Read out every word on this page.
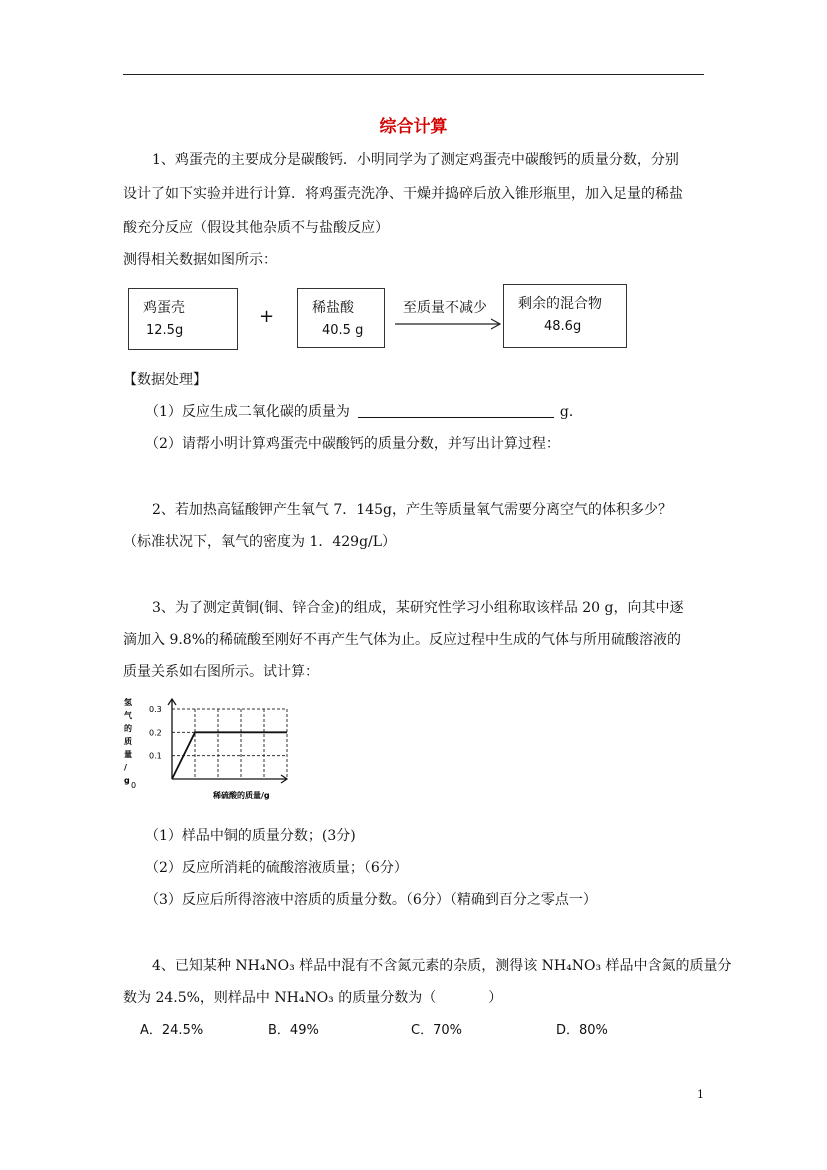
综合计算
1、鸡蛋壳的主要成分是碳酸钙．小明同学为了测定鸡蛋壳中碳酸钙的质量分数，分别
设计了如下实验并进行计算．将鸡蛋壳洗净、干燥并捣碎后放入锥形瓶里，加入足量的稀盐
酸充分反应（假设其他杂质不与盐酸反应）
测得相关数据如图所示：
鸡蛋壳
12.5g
+	稀盐酸
40.5 g
至质量不减少 剩余的混合物
48.6g
【数据处理】
（1）反应生成二氧化碳的质量为	g．
（2）请帮小明计算鸡蛋壳中碳酸钙的质量分数，并写出计算过程：
2、若加热高锰酸钾产生氧气 7．145g，产生等质量氧气需要分离空气的体积多少？
（标准状况下，氧气的密度为 1．429g/L）
3、为了测定黄铜(铜、锌合金)的组成，某研究性学习小组称取该样品 20 g，向其中逐
滴加入 9.8%的稀硫酸至刚好不再产生气体为止。反应过程中生成的气体与所用硫酸溶液的
质量关系如右图所示。试计算：
氢
气
的
质
量
/
g
0.3
0.2
0.1
0
稀硫酸的质量/g
（1）样品中铜的质量分数；(3分)
（2）反应所消耗的硫酸溶液质量；（6分）
（3）反应后所得溶液中溶质的质量分数。（6分）（精确到百分之零点一）
4、已知某种 NH₄NO₃ 样品中混有不含氮元素的杂质，测得该 NH₄NO₃ 样品中含氮的质量分
数为 24.5%，则样品中 NH₄NO₃ 的质量分数为（	）
A．24.5%	B．49%	C．70%	D．80%
1
